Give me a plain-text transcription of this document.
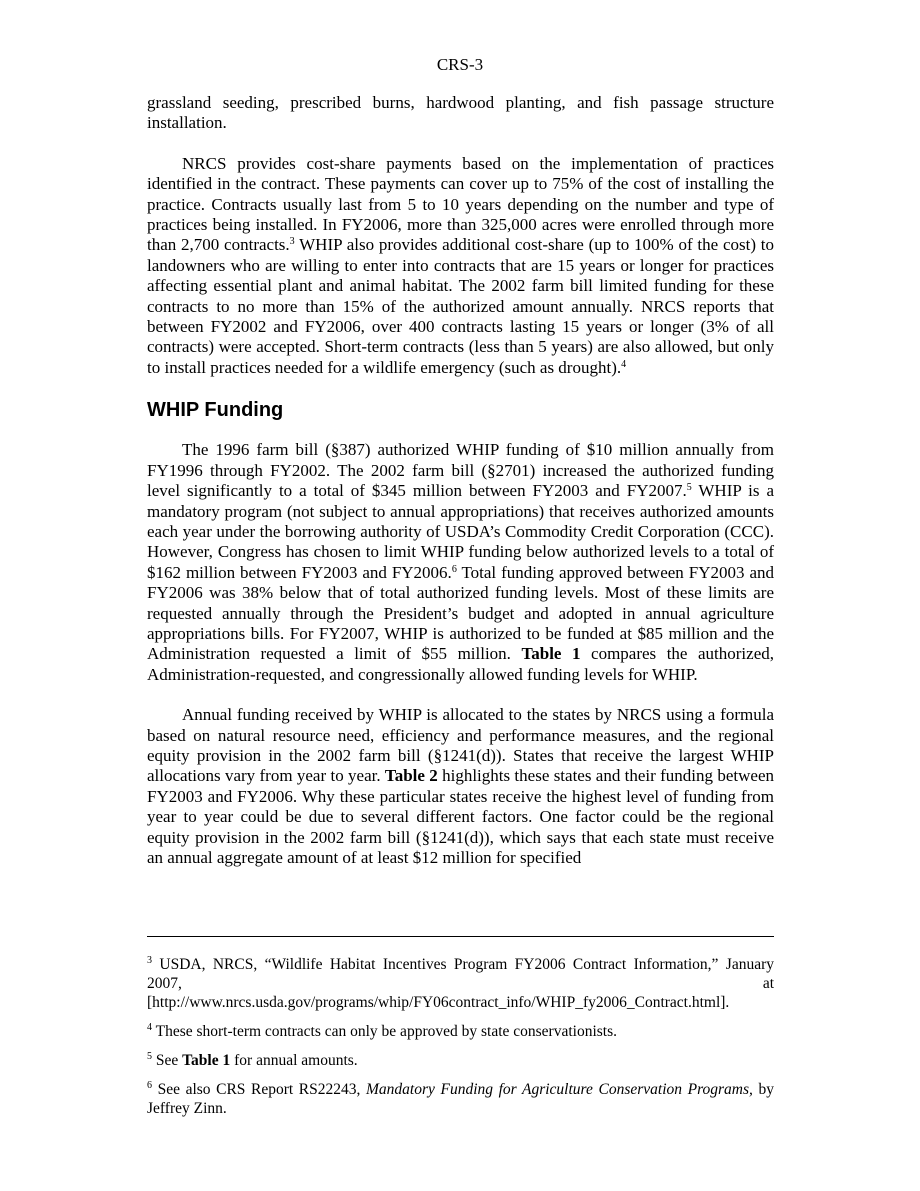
CRS-3

grassland seeding, prescribed burns, hardwood planting, and fish passage structure installation.

NRCS provides cost-share payments based on the implementation of practices identified in the contract. These payments can cover up to 75% of the cost of installing the practice. Contracts usually last from 5 to 10 years depending on the number and type of practices being installed. In FY2006, more than 325,000 acres were enrolled through more than 2,700 contracts.$^3$ WHIP also provides additional cost-share (up to 100% of the cost) to landowners who are willing to enter into contracts that are 15 years or longer for practices affecting essential plant and animal habitat. The 2002 farm bill limited funding for these contracts to no more than 15% of the authorized amount annually. NRCS reports that between FY2002 and FY2006, over 400 contracts lasting 15 years or longer (3% of all contracts) were accepted. Short-term contracts (less than 5 years) are also allowed, but only to install practices needed for a wildlife emergency (such as drought).$^4$

WHIP Funding

The 1996 farm bill (§387) authorized WHIP funding of $10 million annually from FY1996 through FY2002. The 2002 farm bill (§2701) increased the authorized funding level significantly to a total of $345 million between FY2003 and FY2007.$^5$ WHIP is a mandatory program (not subject to annual appropriations) that receives authorized amounts each year under the borrowing authority of USDA’s Commodity Credit Corporation (CCC). However, Congress has chosen to limit WHIP funding below authorized levels to a total of $162 million between FY2003 and FY2006.$^6$ Total funding approved between FY2003 and FY2006 was 38% below that of total authorized funding levels. Most of these limits are requested annually through the President’s budget and adopted in annual agriculture appropriations bills. For FY2007, WHIP is authorized to be funded at $85 million and the Administration requested a limit of $55 million. Table 1 compares the authorized, Administration-requested, and congressionally allowed funding levels for WHIP.

Annual funding received by WHIP is allocated to the states by NRCS using a formula based on natural resource need, efficiency and performance measures, and the regional equity provision in the 2002 farm bill (§1241(d)). States that receive the largest WHIP allocations vary from year to year. Table 2 highlights these states and their funding between FY2003 and FY2006. Why these particular states receive the highest level of funding from year to year could be due to several different factors. One factor could be the regional equity provision in the 2002 farm bill (§1241(d)), which says that each state must receive an annual aggregate amount of at least $12 million for specified

$^3$ USDA, NRCS, “Wildlife Habitat Incentives Program FY2006 Contract Information,” January 2007, at [http://www.nrcs.usda.gov/programs/whip/FY06contract_info/WHIP_fy2006_Contract.html].

$^4$ These short-term contracts can only be approved by state conservationists.

$^5$ See Table 1 for annual amounts.

$^6$ See also CRS Report RS22243, Mandatory Funding for Agriculture Conservation Programs, by Jeffrey Zinn.
